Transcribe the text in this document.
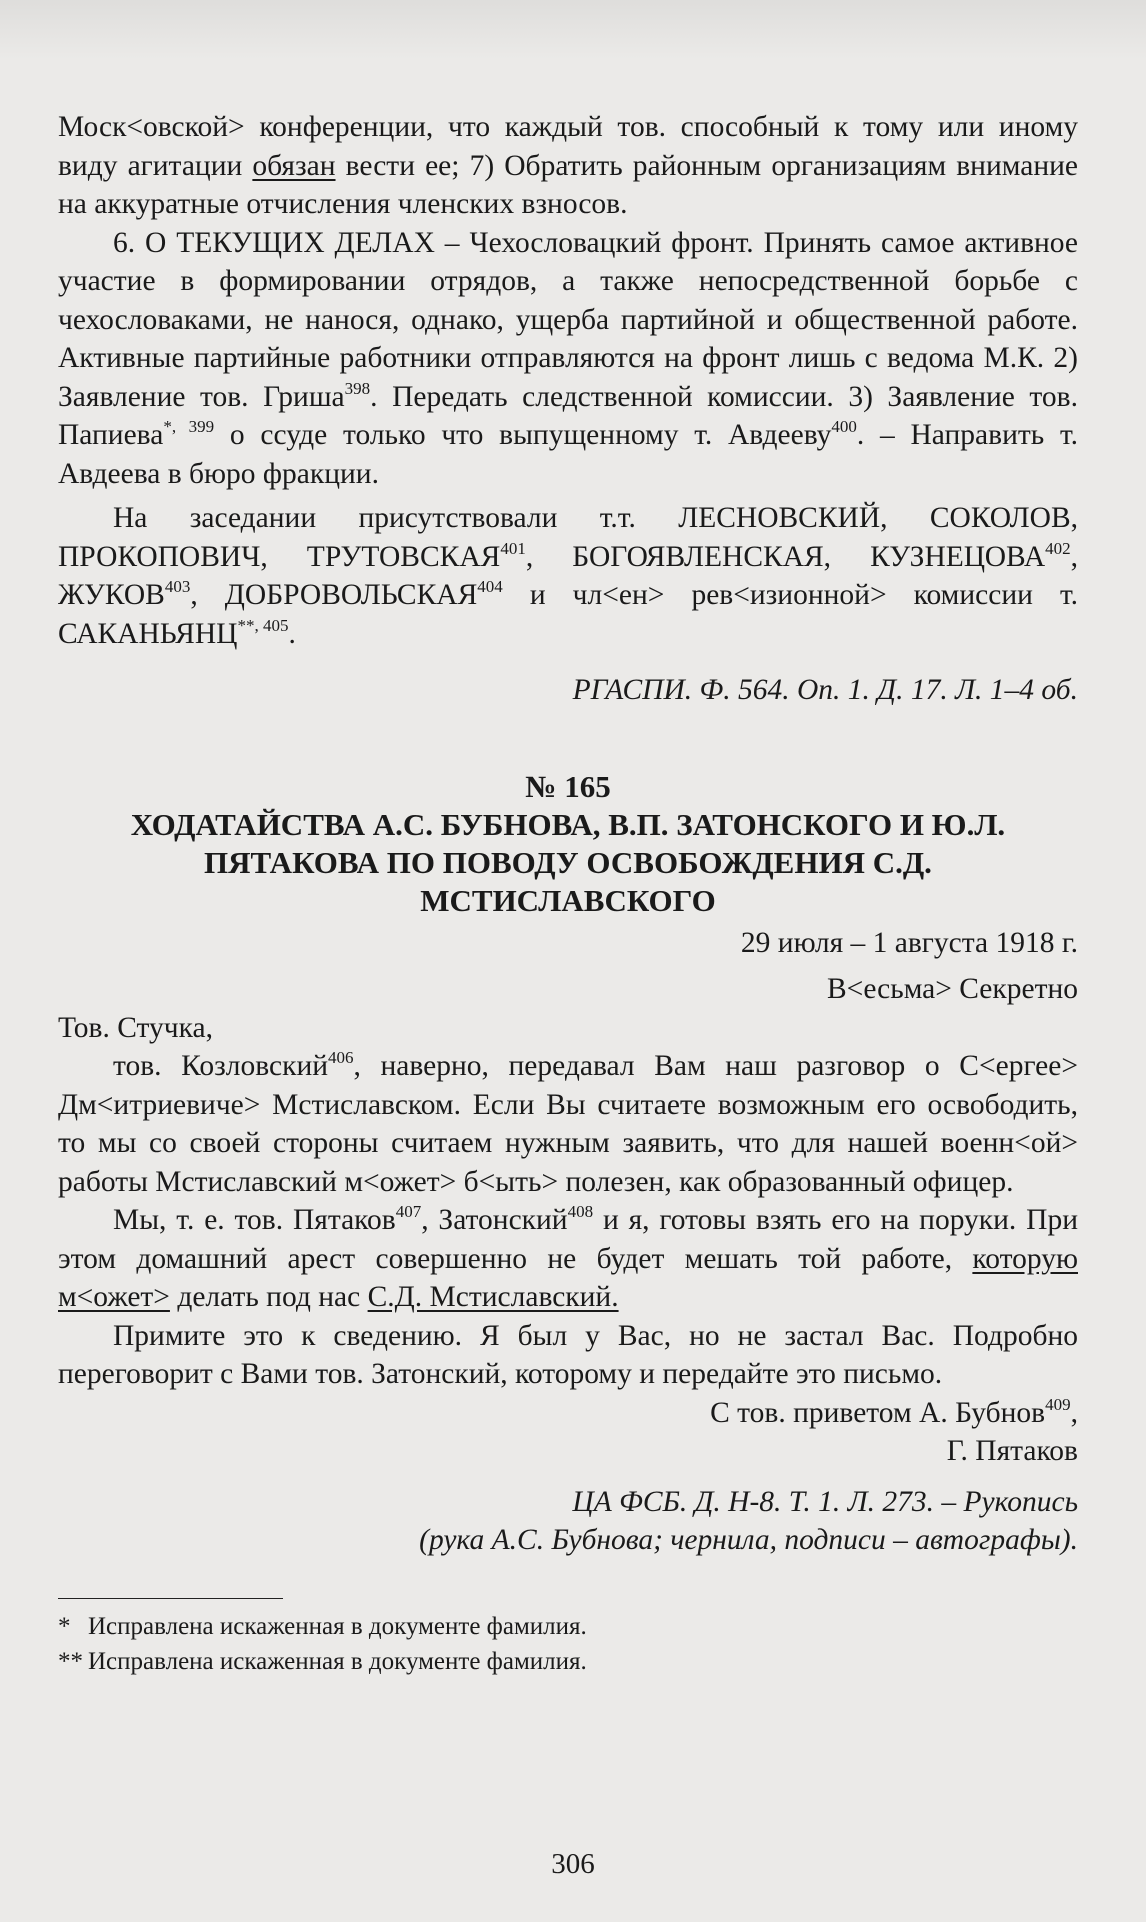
Моск<овской> конференции, что каждый тов. способный к тому или иному виду агитации обязан вести ее; 7) Обратить районным организациям внимание на аккуратные отчисления членских взносов.

6. О ТЕКУЩИХ ДЕЛАХ – Чехословацкий фронт. Принять самое активное участие в формировании отрядов, а также непосредственной борьбе с чехословаками, не нанося, однако, ущерба партийной и общественной работе. Активные партийные работники отправляются на фронт лишь с ведома М.К. 2) Заявление тов. Гриша$^{398}$. Передать следственной комиссии. 3) Заявление тов. Папиева$^{*, 399}$ о ссуде только что выпущенному т. Авдееву$^{400}$. – Направить т. Авдеева в бюро фракции.

На заседании присутствовали т.т. ЛЕСНОВСКИЙ, СОКОЛОВ, ПРОКОПОВИЧ, ТРУТОВСКАЯ$^{401}$, БОГОЯВЛЕНСКАЯ, КУЗНЕЦОВА$^{402}$, ЖУКОВ$^{403}$, ДОБРОВОЛЬСКАЯ$^{404}$ и чл<ен> рев<изионной> комиссии т. $САКАНЬЯНЦ^{**, 405}$.

РГАСПИ. Ф. 564. Оп. 1. Д. 17. Л. 1–4 об.

№ 165

ХОДАТАЙСТВА А.С. БУБНОВА, В.П. ЗАТОНСКОГО И Ю.Л. ПЯТАКОВА ПО ПОВОДУ ОСВОБОЖДЕНИЯ С.Д. МСТИСЛАВСКОГО

29 июля – 1 августа 1918 г.

В<есьма> Секретно

Тов. Стучка,

тов. Козловский$^{406}$, наверно, передавал Вам наш разговор о С<ергее> Дм<итриевиче> Мстиславском. Если Вы считаете возможным его освободить, то мы со своей стороны считаем нужным заявить, что для нашей военн<ой> работы Мстиславский м<ожет> б<ыть> полезен, как образованный офицер.

Мы, т. е. тов. Пятаков$^{407}$, Затонский$^{408}$ и я, готовы взять его на поруки. При этом домашний арест совершенно не будет мешать той работе, которую м<ожет> делать под нас С.Д. Мстиславский.

Примите это к сведению. Я был у Вас, но не застал Вас. Подробно переговорит с Вами тов. Затонский, которому и передайте это письмо.

С тов. приветом А. Бубнов$^{409}$,

Г. Пятаков

ЦА ФСБ. Д. Н-8. Т. 1. Л. 273. – Рукопись

(рука А.С. Бубнова; чернила, подписи – автографы).

* Исправлена искаженная в документе фамилия.

** Исправлена искаженная в документе фамилия.

306
